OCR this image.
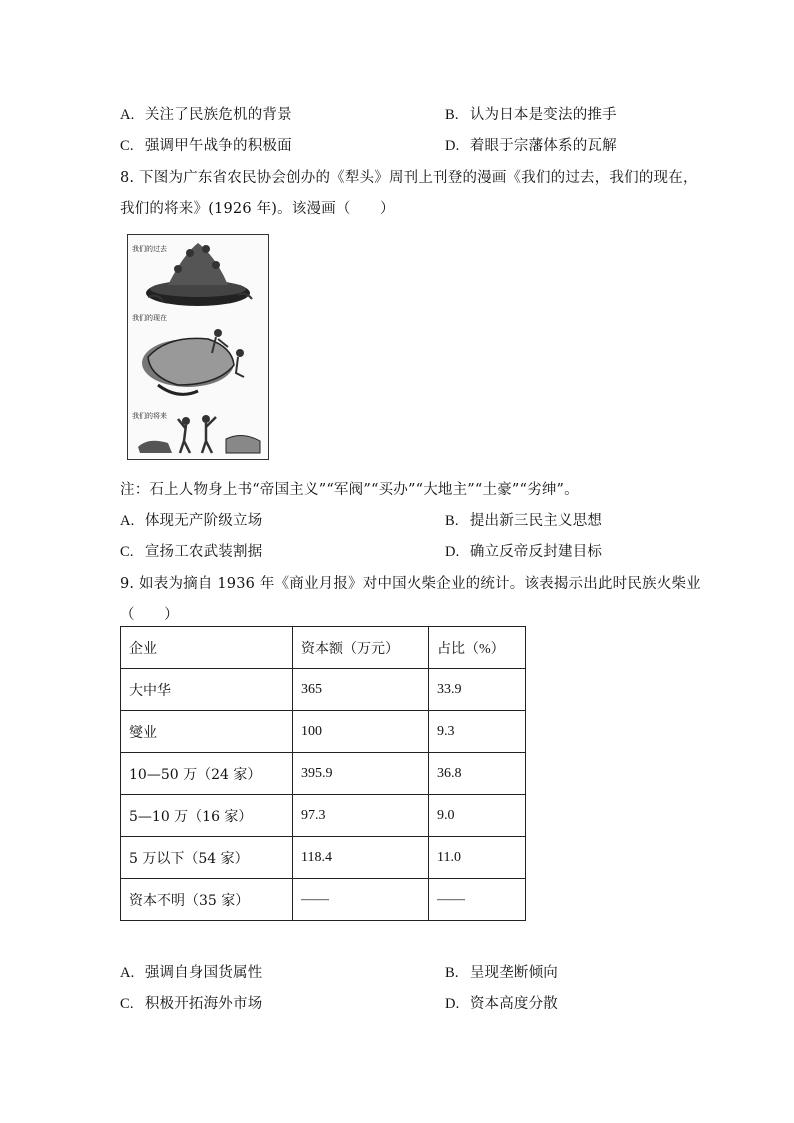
A. 关注了民族危机的背景	B. 认为日本是变法的推手
C. 强调甲午战争的积极面	D. 着眼于宗藩体系的瓦解
8. 下图为广东省农民协会创办的《犁头》周刊上刊登的漫画《我们的过去，我们的现在，
我们的将来》(1926 年)。该漫画（　　）
我们的过去
我们的现在
我们的将来
注：石上人物身上书“帝国主义”“军阀”“买办”“大地主”“土豪”“劣绅”。
A. 体现无产阶级立场	B. 提出新三民主义思想
C. 宣扬工农武装割据	D. 确立反帝反封建目标
9. 如表为摘自 1936 年《商业月报》对中国火柴企业的统计。该表揭示出此时民族火柴业
（　　）
企业	资本额（万元）	占比（%）
大中华	365	33.9
燮业	100	9.3
10—50 万（24 家）	395.9	36.8
5—10 万（16 家）	97.3	9.0
5 万以下（54 家）	118.4	11.0
资本不明（35 家）	——	——
A. 强调自身国货属性	B. 呈现垄断倾向
C. 积极开拓海外市场	D. 资本高度分散
